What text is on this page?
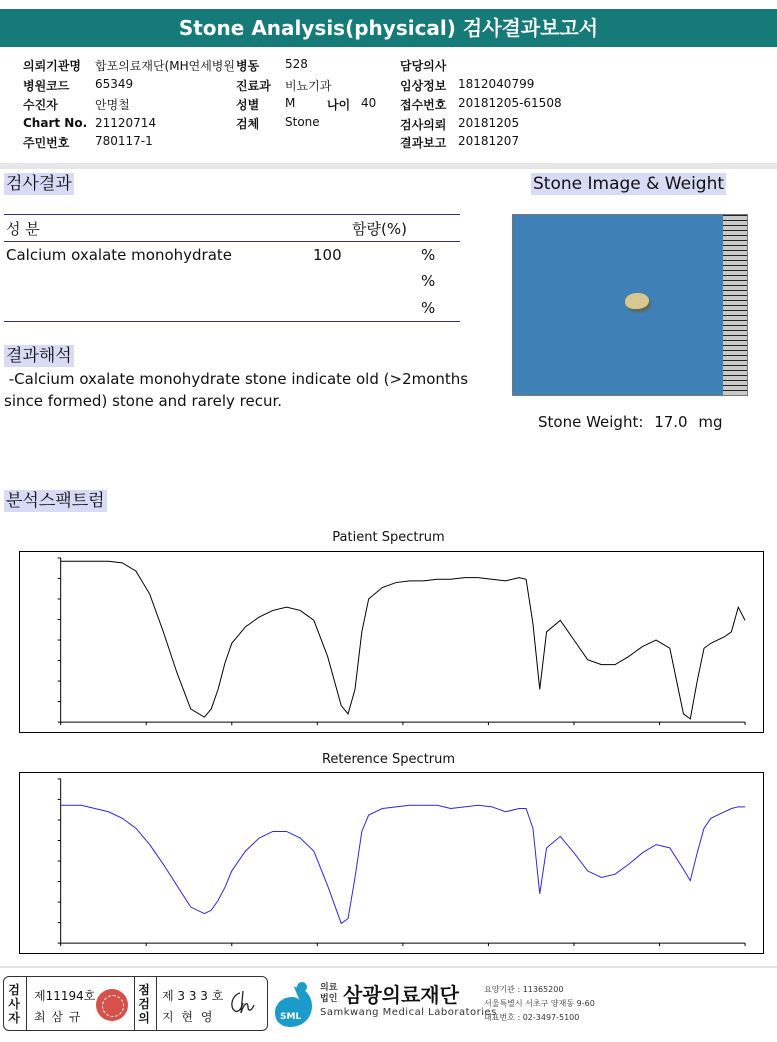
Stone Analysis(physical) 검사결과보고서
의뢰기관명 합포의료재단(MH연세병원 병동 528	담당의사
병원코드 65349	진료과 비뇨기과	임상정보 1812040799
수진자	안명철	성별 M	나이 40 접수번호 20181205-61508
Chart No. 21120714	검체 Stone	검사의뢰 20181205
주민번호 780117-1	결과보고 20181207
검사결과
성 분	함량(%)
Calcium oxalate monohydrate	100	%
%
%
결과해석
-Calcium oxalate monohydrate stone indicate old (>2months
since formed) stone and rarely recur.
Stone Image & Weight
Stone Weight: 17.0 mg
분석스팩트럼
Patient Spectrum
Reterence Spectrum
검사자
제11194호
최 삼 규
점검의
제 3 3 3 호
지 현 영	SML
의료
법인 삼광의료재단
Samkwang Medical Laboratories
요양기관 : 11365200
서울특별시 서초구 양재동 9-60
대표번호 : 02-3497-5100
